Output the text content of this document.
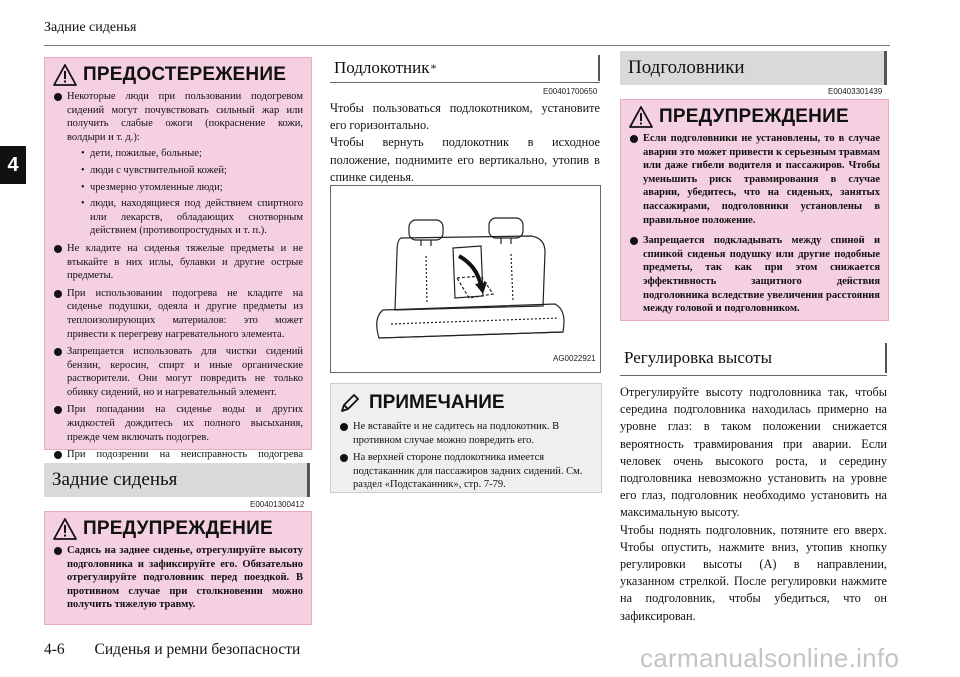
Задние сиденья
4
ПРЕДОСТЕРЕЖЕНИЕ
Некоторые люди при пользовании подогревом сидений могут почувствовать сильный жар или получить слабые ожоги (покраснение кожи, волдыри и т. д.):
• дети, пожилые, больные;
• люди с чувствительной кожей;
• чрезмерно утомленные люди;
• люди, находящиеся под действием спиртного или лекарств, обладающих снотворным действием (противопростудных и т. п.).
Не кладите на сиденья тяжелые предметы и не втыкайте в них иглы, булавки и другие острые предметы.
При использовании подогрева не кладите на сиденье подушки, одеяла и другие предметы из теплоизолирующих материалов: это может привести к перегреву нагревательного элемента.
Запрещается использовать для чистки сидений бензин, керосин, спирт и иные органические растворители. Они могут повредить не только обивку сидений, но и нагревательный элемент.
При попадании на сиденье воды и других жидкостей дождитесь их полного высыхания, прежде чем включать подогрев.
При подозрении на неисправность подогрева
Задние сиденья
E00401300412
ПРЕДУПРЕЖДЕНИЕ
Садясь на заднее сиденье, отрегулируйте высоту подголовника и зафиксируйте его. Обязательно отрегулируйте подголовник перед поездкой. В противном случае при столкновении можно получить тяжелую травму.
Подлокотник *
E00401700650
Чтобы пользоваться подлокотником, установите его горизонтально.
Чтобы вернуть подлокотник в исходное положение, поднимите его вертикально, утопив в спинке сиденья.
AG0022921
ПРИМЕЧАНИЕ
Не вставайте и не садитесь на подлокотник. В противном случае можно повредить его.
На верхней стороне подлокотника имеется подстаканник для пассажиров задних сидений. См. раздел «Подстаканник», стр. 7-79.
Подголовники
E00403301439
ПРЕДУПРЕЖДЕНИЕ
Если подголовники не установлены, то в случае аварии это может привести к серьезным травмам или даже гибели водителя и пассажиров. Чтобы уменьшить риск травмирования в случае аварии, убедитесь, что на сиденьях, занятых пассажирами, подголовники установлены в правильное положение.
Запрещается подкладывать между спиной и спинкой сиденья подушку или другие подобные предметы, так как при этом снижается эффективность защитного действия подголовника вследствие увеличения расстояния между головой и подголовником.
Регулировка высоты
Отрегулируйте высоту подголовника так, чтобы середина подголовника находилась примерно на уровне глаз: в таком положении снижается вероятность травмирования при аварии. Если человек очень высокого роста, и середину подголовника невозможно установить на уровне его глаз, подголовник необходимо установить на максимальную высоту.
Чтобы поднять подголовник, потяните его вверх. Чтобы опустить, нажмите вниз, утопив кнопку регулировки высоты (A) в направлении, указанном стрелкой. После регулировки нажмите на подголовник, чтобы убедиться, что он зафиксирован.
4-6 Сиденья и ремни безопасности	carmanualsonline.info
